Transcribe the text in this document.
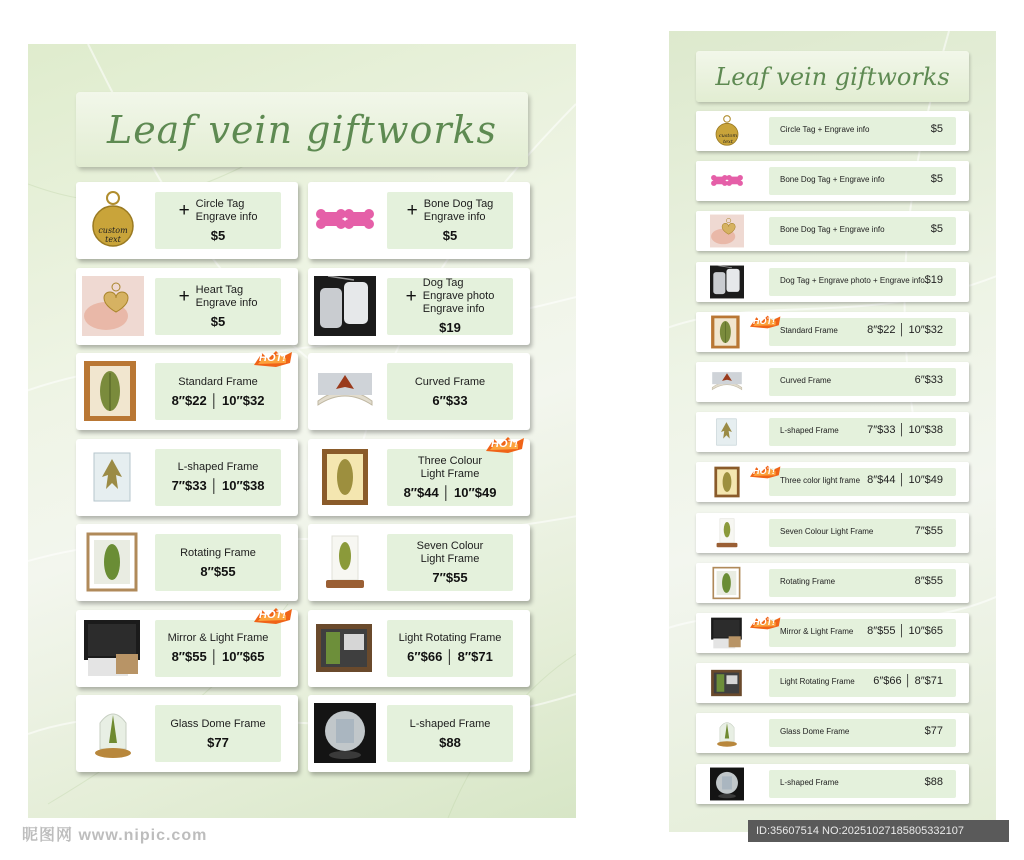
Leaf vein giftworks
custom text
+ Circle Tag
Engrave info
$5
+ Bone Dog Tag
Engrave info
$5
+ Heart Tag
Engrave info
$5
+
Dog Tag
Engrave photo
Engrave info
$19
Standard Frame
8″$22 │ 10″$32
HOT!
Curved Frame
6″$33
L-shaped Frame
7″$33 │ 10″$38
Three Colour
Light Frame
8″$44 │ 10″$49
HOT!
Rotating Frame
8″$55
Seven Colour
Light Frame
7″$55
Mirror & Light Frame
8″$55 │ 10″$65
HOT!
Light Rotating Frame
6″$66 │ 8″$71
Glass Dome Frame
$77
L-shaped Frame
$88
Leaf vein giftworks
custom text
Circle Tag + Engrave info	$5
Bone Dog Tag + Engrave info	$5
Bone Dog Tag + Engrave info	$5
Dog Tag + Engrave photo + Engrave info $19
Standard Frame	8″$22 │ 10″$32
HOT!
Curved Frame	6″$33
L-shaped Frame	7″$33 │ 10″$38
Three color light frame 8″$44 │ 10″$49
HOT!
Seven Colour Light Frame	7″$55
Rotating Frame	8″$55
Mirror & Light Frame 8″$55 │ 10″$65
HOT!
Light Rotating Frame 6″$66 │ 8″$71
Glass Dome Frame	$77
L-shaped Frame	$88
昵图网 www.nipic.com	ID:35607514 NO:20251027185805332107
